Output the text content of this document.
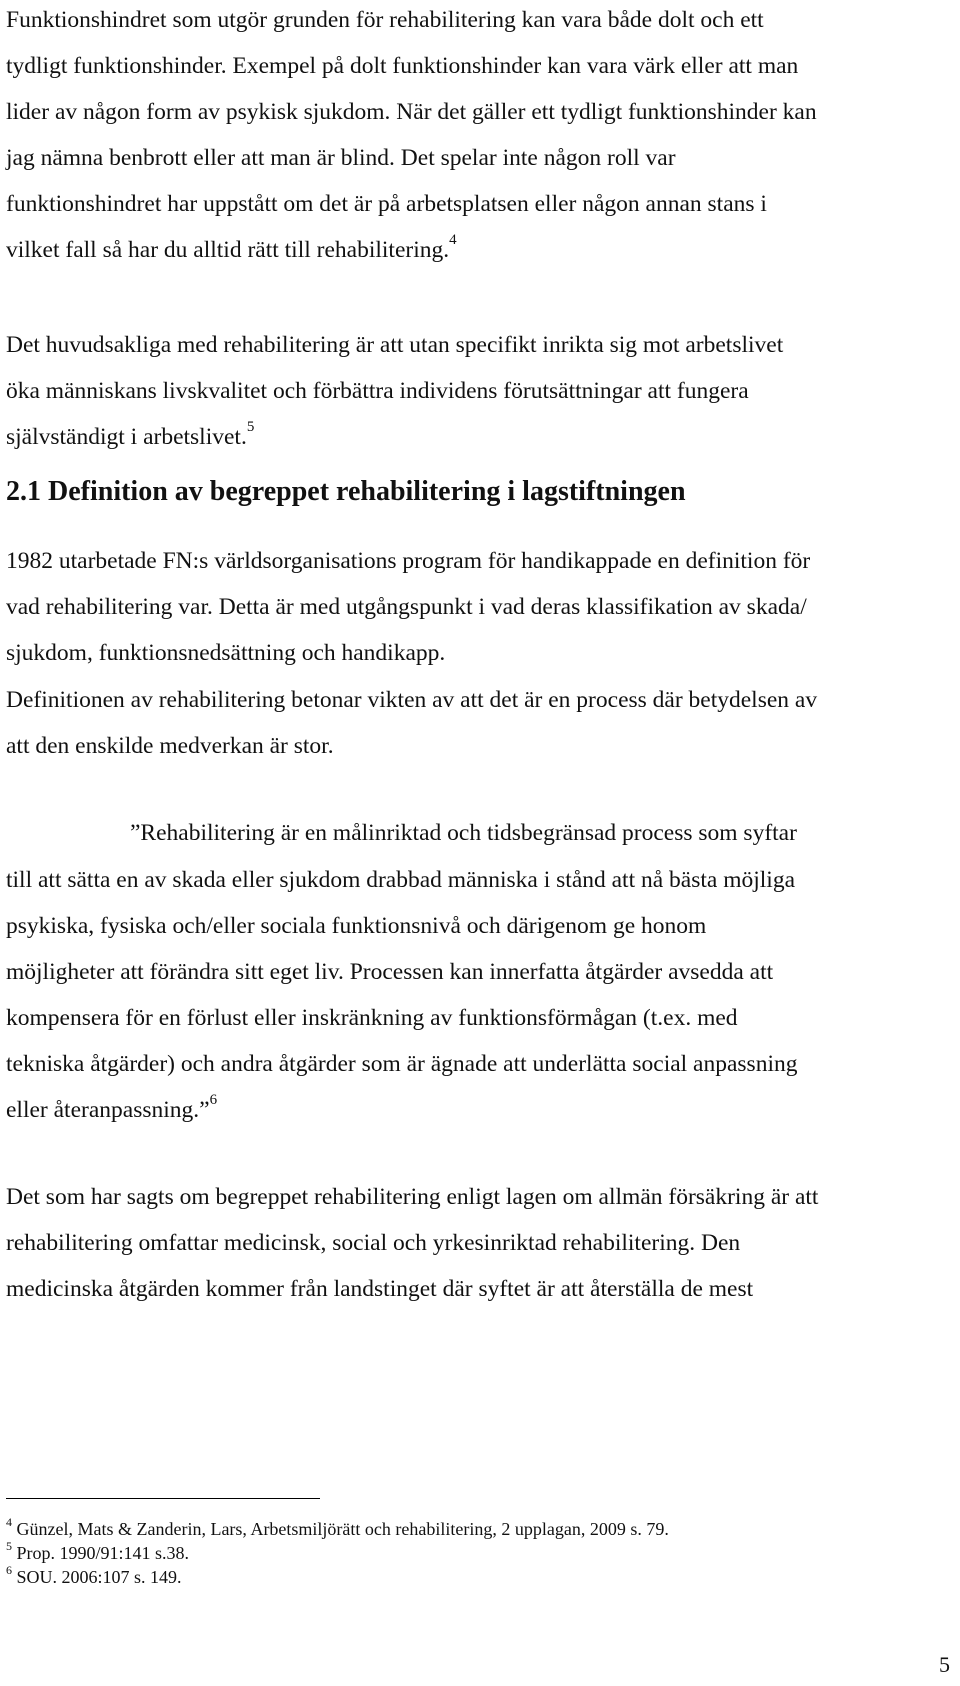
Funktionshindret som utgör grunden för rehabilitering kan vara både dolt och ett
tydligt funktionshinder. Exempel på dolt funktionshinder kan vara värk eller att man
lider av någon form av psykisk sjukdom. När det gäller ett tydligt funktionshinder kan
jag nämna benbrott eller att man är blind. Det spelar inte någon roll var
funktionshindret har uppstått om det är på arbetsplatsen eller någon annan stans i
vilket fall så har du alltid rätt till rehabilitering.$^4$
Det huvudsakliga med rehabilitering är att utan specifikt inrikta sig mot arbetslivet
öka människans livskvalitet och förbättra individens förutsättningar att fungera
självständigt i arbetslivet.$^5$
2.1 Definition av begreppet rehabilitering i lagstiftningen
1982 utarbetade FN:s världsorganisations program för handikappade en definition för
vad rehabilitering var. Detta är med utgångspunkt i vad deras klassifikation av skada/
sjukdom, funktionsnedsättning och handikapp.
Definitionen av rehabilitering betonar vikten av att det är en process där betydelsen av
att den enskilde medverkan är stor.
”Rehabilitering är en målinriktad och tidsbegränsad process som syftar
till att sätta en av skada eller sjukdom drabbad människa i stånd att nå bästa möjliga
psykiska, fysiska och/eller sociala funktionsnivå och därigenom ge honom
möjligheter att förändra sitt eget liv. Processen kan innerfatta åtgärder avsedda att
kompensera för en förlust eller inskränkning av funktionsförmågan (t.ex. med
tekniska åtgärder) och andra åtgärder som är ägnade att underlätta social anpassning
eller återanpassning.”$^6$
Det som har sagts om begreppet rehabilitering enligt lagen om allmän försäkring är att
rehabilitering omfattar medicinsk, social och yrkesinriktad rehabilitering. Den
medicinska åtgärden kommer från landstinget där syftet är att återställa de mest
$^4$ Günzel, Mats & Zanderin, Lars, Arbetsmiljörätt och rehabilitering, 2 upplagan, 2009 s. 79.
$^5$ Prop. 1990/91:141 s.38.
$^6$ SOU. 2006:107 s. 149.
5
